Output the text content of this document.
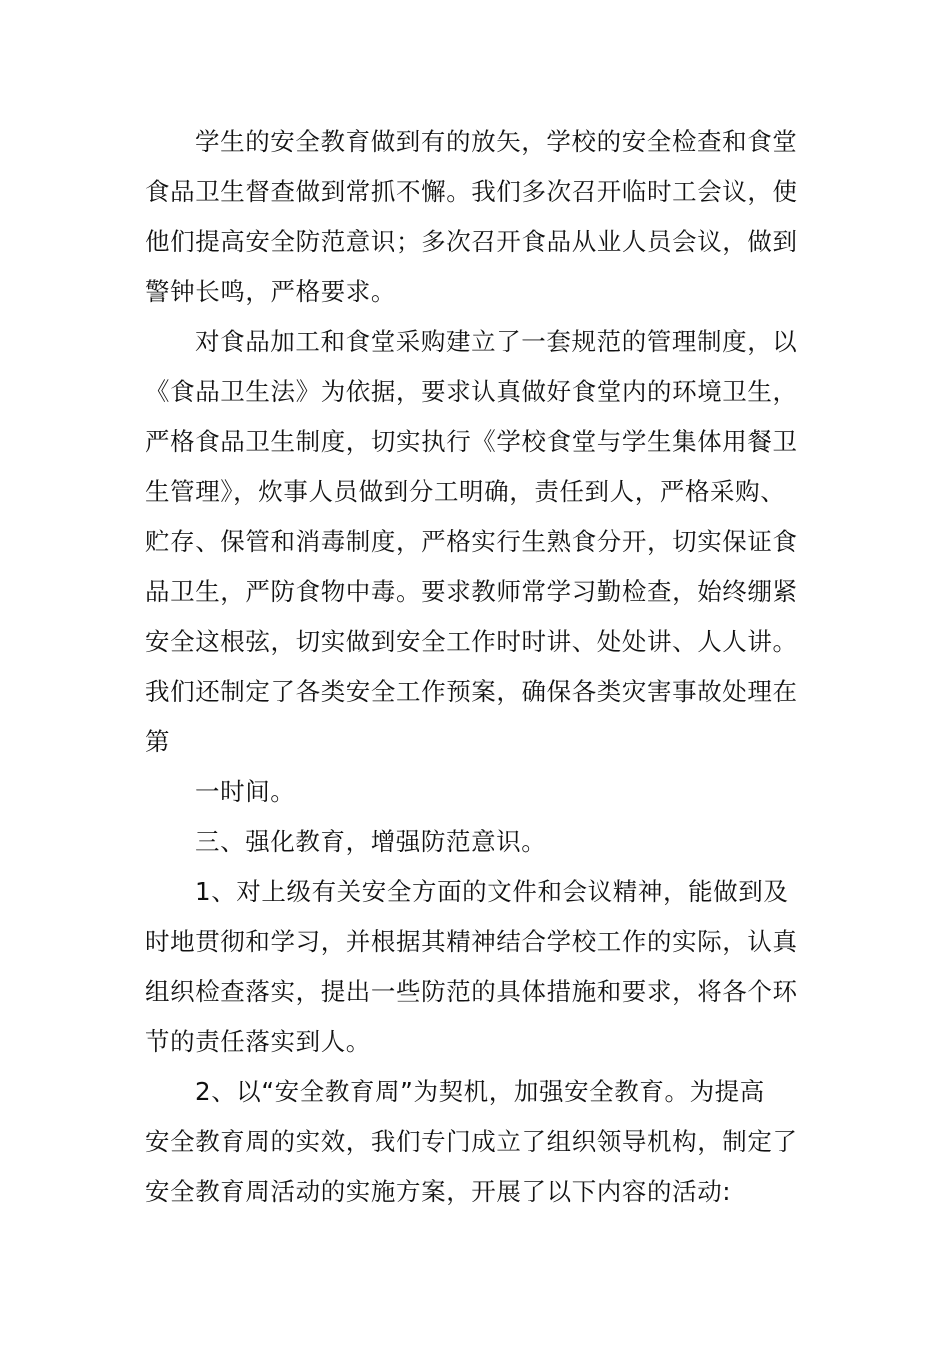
学生的安全教育做到有的放矢，学校的安全检查和食堂
食品卫生督查做到常抓不懈。我们多次召开临时工会议，使
他们提高安全防范意识；多次召开食品从业人员会议，做到
警钟长鸣，严格要求。
对食品加工和食堂采购建立了一套规范的管理制度，以
《食品卫生法》为依据，要求认真做好食堂内的环境卫生，
严格食品卫生制度，切实执行《学校食堂与学生集体用餐卫
生管理》，炊事人员做到分工明确，责任到人，严格采购、
贮存、保管和消毒制度，严格实行生熟食分开，切实保证食
品卫生，严防食物中毒。要求教师常学习勤检查，始终绷紧
安全这根弦，切实做到安全工作时时讲、处处讲、人人讲。
我们还制定了各类安全工作预案，确保各类灾害事故处理在
第
一时间。
三、强化教育，增强防范意识。
1、对上级有关安全方面的文件和会议精神，能做到及
时地贯彻和学习，并根据其精神结合学校工作的实际，认真
组织检查落实，提出一些防范的具体措施和要求，将各个环
节的责任落实到人。
2、以“安全教育周”为契机，加强安全教育。为提高
安全教育周的实效，我们专门成立了组织领导机构，制定了
安全教育周活动的实施方案，开展了以下内容的活动:
